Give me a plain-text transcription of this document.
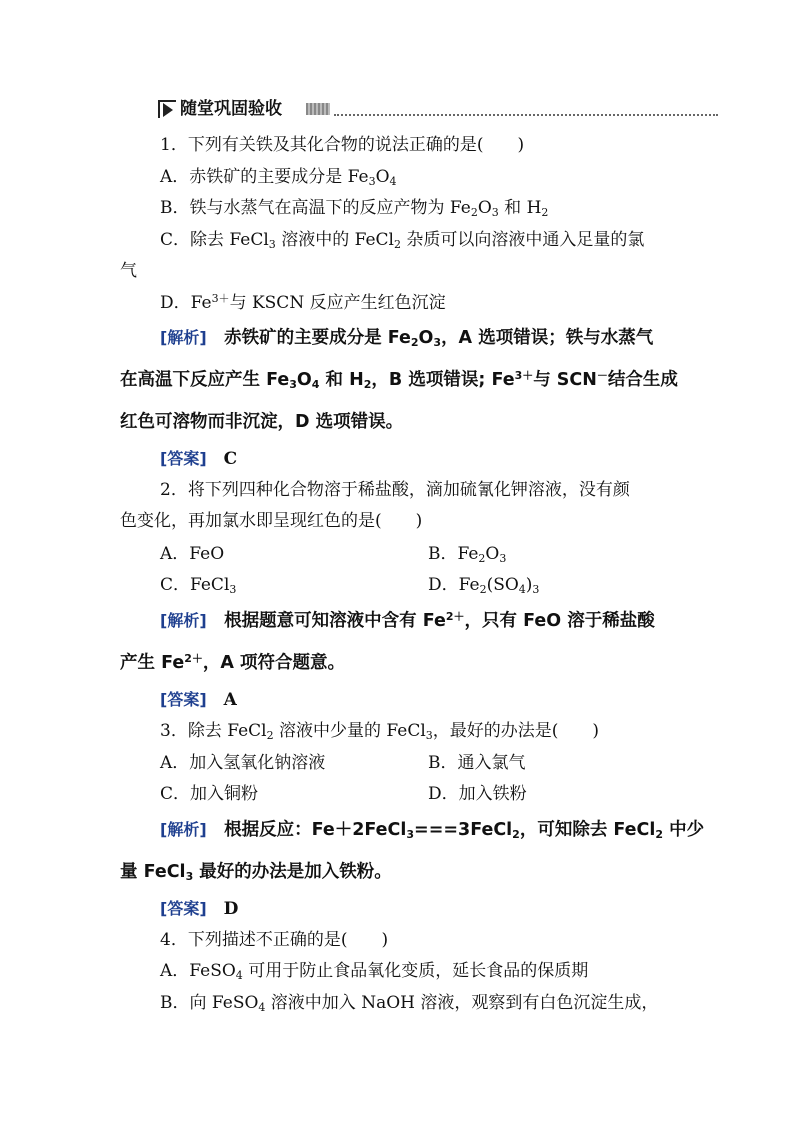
随堂巩固验收
1．下列有关铁及其化合物的说法正确的是(　　)
A．赤铁矿的主要成分是 $Fe_3O_4$
B．铁与水蒸气在高温下的反应产物为 $Fe_2O_3$ 和 $H_2$
C．除去 FeCl$_3$ 溶液中的 FeCl$_2$ 杂质可以向溶液中通入足量的氯
气
D．$Fe^{3+}$与 KSCN 反应产生红色沉淀
[解析]　赤铁矿的主要成分是 $Fe_2O_3$，A 选项错误；铁与水蒸气
在高温下反应产生 $Fe_3O_4$ 和 $H_2$，B 选项错误; $Fe^{3+}$与 SCN－结合生成
红色可溶物而非沉淀，D 选项错误。
[答案]　C
2．将下列四种化合物溶于稀盐酸，滴加硫氰化钾溶液，没有颜
色变化，再加氯水即呈现红色的是(　　)
A．FeO	B．$Fe_2O_3$
C．FeCl$_3$	D．$Fe_2(SO_4)_3$
[解析]　根据题意可知溶液中含有 $Fe^{2+}$，只有 FeO 溶于稀盐酸
产生 $Fe^{2+}$，A 项符合题意。
[答案]　A
3．除去 FeCl$_2$ 溶液中少量的 FeCl$_3$，最好的办法是(　　)
A．加入氢氧化钠溶液	B．通入氯气
C．加入铜粉	D．加入铁粉
[解析]　根据反应：Fe＋2FeCl$_3$===3FeCl$_2$，可知除去 FeCl$_2$ 中少
量 FeCl$_3$ 最好的办法是加入铁粉。
[答案]　D
4．下列描述不正确的是(　　)
A．FeSO$_4$ 可用于防止食品氧化变质，延长食品的保质期
B．向 FeSO$_4$ 溶液中加入 NaOH 溶液，观察到有白色沉淀生成，
